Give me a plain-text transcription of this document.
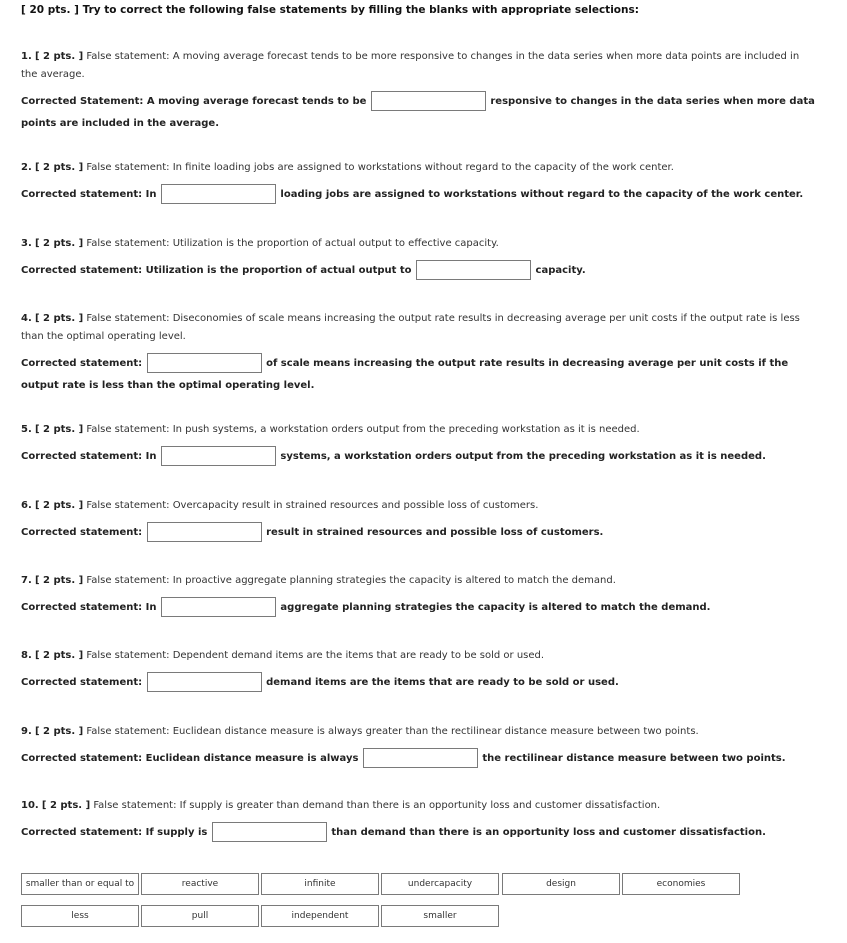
[ 20 pts. ] Try to correct the following false statements by filling the blanks with appropriate selections:
1. [ 2 pts. ] False statement: A moving average forecast tends to be more responsive to changes in the data series when more data points are included in the average.
Corrected Statement: A moving average forecast tends to be	responsive to changes in the data series when more data points are included in the average.
2. [ 2 pts. ] False statement: In finite loading jobs are assigned to workstations without regard to the capacity of the work center.
Corrected statement: In	loading jobs are assigned to workstations without regard to the capacity of the work center.
3. [ 2 pts. ] False statement: Utilization is the proportion of actual output to effective capacity.
Corrected statement: Utilization is the proportion of actual output to	capacity.
4. [ 2 pts. ] False statement: Diseconomies of scale means increasing the output rate results in decreasing average per unit costs if the output rate is less than the optimal operating level.
Corrected statement:	of scale means increasing the output rate results in decreasing average per unit costs if the output rate is less than the optimal operating level.
5. [ 2 pts. ] False statement: In push systems, a workstation orders output from the preceding workstation as it is needed.
Corrected statement: In	systems, a workstation orders output from the preceding workstation as it is needed.
6. [ 2 pts. ] False statement: Overcapacity result in strained resources and possible loss of customers.
Corrected statement:	result in strained resources and possible loss of customers.
7. [ 2 pts. ] False statement: In proactive aggregate planning strategies the capacity is altered to match the demand.
Corrected statement: In	aggregate planning strategies the capacity is altered to match the demand.
8. [ 2 pts. ] False statement: Dependent demand items are the items that are ready to be sold or used.
Corrected statement:	demand items are the items that are ready to be sold or used.
9. [ 2 pts. ] False statement: Euclidean distance measure is always greater than the rectilinear distance measure between two points.
Corrected statement: Euclidean distance measure is always	the rectilinear distance measure between two points.
10. [ 2 pts. ] False statement: If supply is greater than demand than there is an opportunity loss and customer dissatisfaction.
Corrected statement: If supply is	than demand than there is an opportunity loss and customer dissatisfaction.
smaller than or equal to	reactive	infinite	undercapacity	design	economies
less	pull	independent	smaller
